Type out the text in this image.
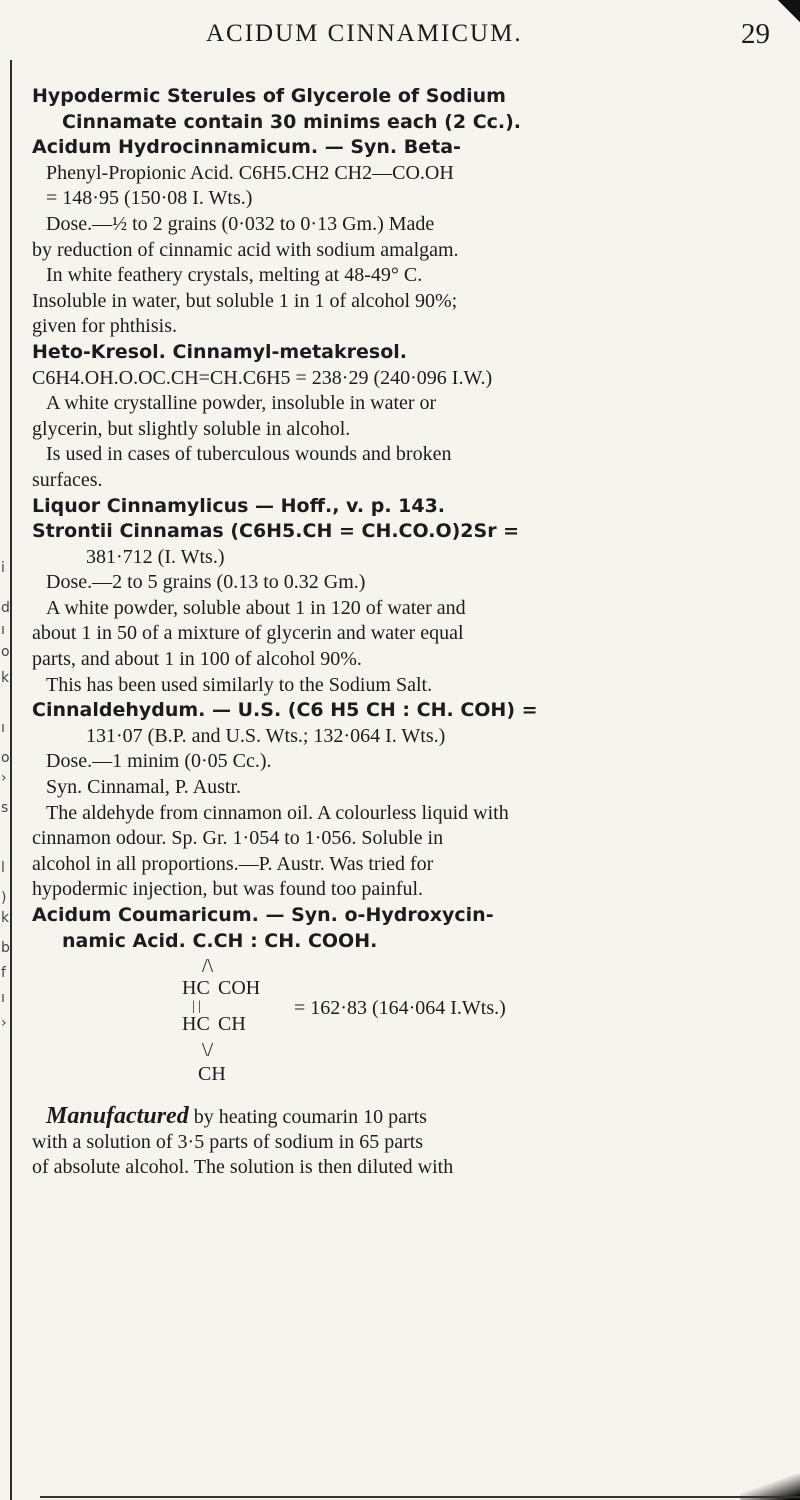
ACIDUM CINNAMICUM.	29
Hypodermic Sterules of Glycerole of Sodium
Cinnamate contain 30 minims each (2 Cc.).
Acidum Hydrocinnamicum. — Syn. Beta-
Phenyl-Propionic Acid. C6H5.CH2 CH2—CO.OH
= 148·95 (150·08 I. Wts.)
Dose.—½ to 2 grains (0·032 to 0·13 Gm.) Made
by reduction of cinnamic acid with sodium amalgam.
In white feathery crystals, melting at 48-49° C.
Insoluble in water, but soluble 1 in 1 of alcohol 90%;
given for phthisis.
Heto-Kresol. Cinnamyl-metakresol.
C6H4.OH.O.OC.CH=CH.C6H5 = 238·29 (240·096 I.W.)
A white crystalline powder, insoluble in water or
glycerin, but slightly soluble in alcohol.
Is used in cases of tuberculous wounds and broken
surfaces.
Liquor Cinnamylicus — Hoff., v. p. 143.
Strontii Cinnamas (C6H5.CH = CH.CO.O)2Sr =
381·712 (I. Wts.)
Dose.—2 to 5 grains (0.13 to 0.32 Gm.)
A white powder, soluble about 1 in 120 of water and
about 1 in 50 of a mixture of glycerin and water equal
parts, and about 1 in 100 of alcohol 90%.
This has been used similarly to the Sodium Salt.
Cinnaldehydum. — U.S. (C6 H5 CH : CH. COH) =
131·07 (B.P. and U.S. Wts.; 132·064 I. Wts.)
Dose.—1 minim (0·05 Cc.).
Syn. Cinnamal, P. Austr.
The aldehyde from cinnamon oil. A colourless liquid with
cinnamon odour. Sp. Gr. 1·054 to 1·056. Soluble in
alcohol in all proportions.—P. Austr. Was tried for
hypodermic injection, but was found too painful.
Acidum Coumaricum. — Syn. o-Hydroxycin-
namic Acid. C.CH : CH. COOH.
/\
HC COH
| |
HC CH
\/
CH
= 162·83 (164·064 I.Wts.)
Manufactured by heating coumarin 10 parts
with a solution of 3·5 parts of sodium in 65 parts
of absolute alcohol. The solution is then diluted with
i
d
ı
o
k
ı
o
›
s
l
)
k
b
f
ı
›
